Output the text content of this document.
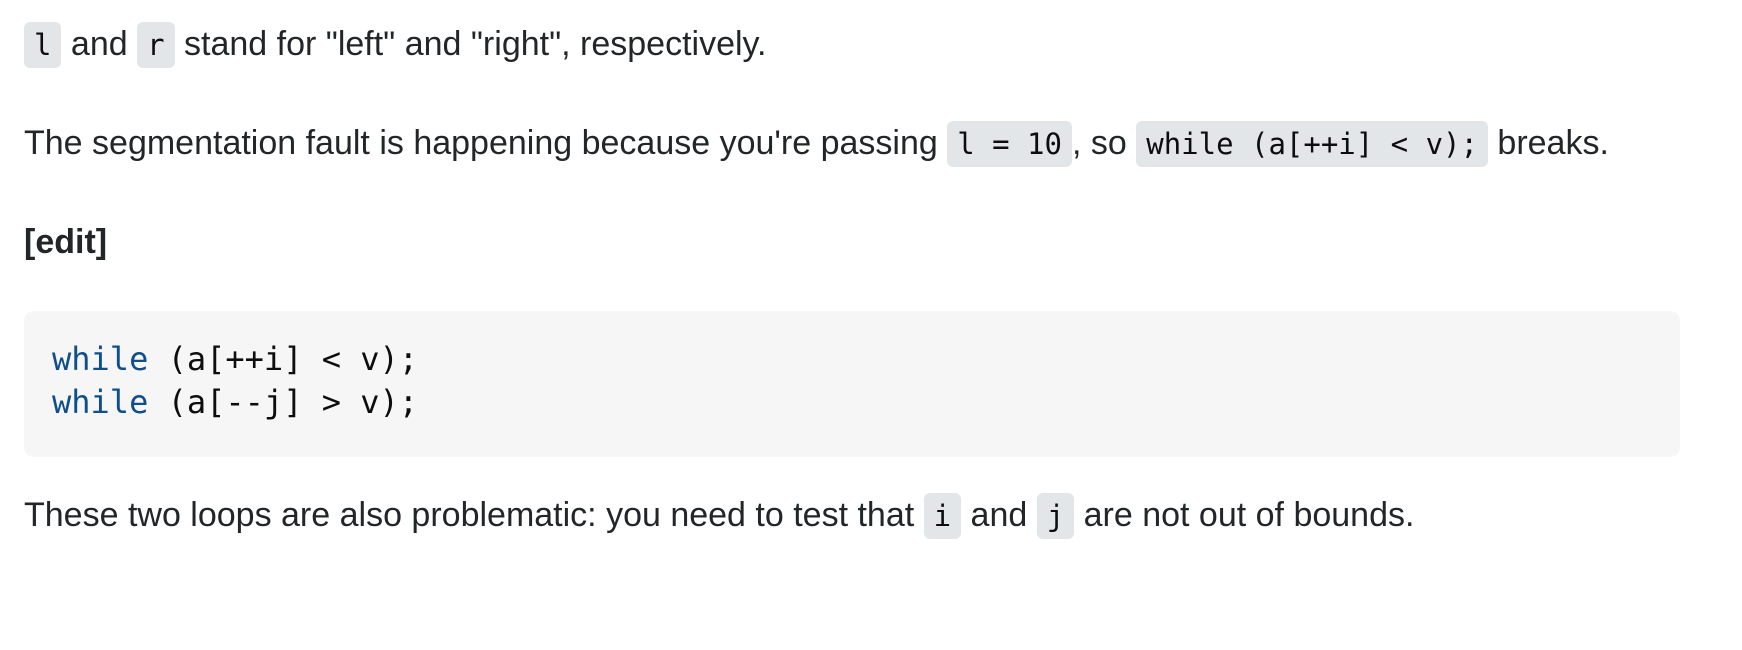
l and r stand for "left" and "right", respectively.

The segmentation fault is happening because you're passing l = 10 , so while (a[++i] < v); breaks.

[edit]

while (a[++i] < v);
while (a[--j] > v);

These two loops are also problematic: you need to test that i and j are not out of bounds.
